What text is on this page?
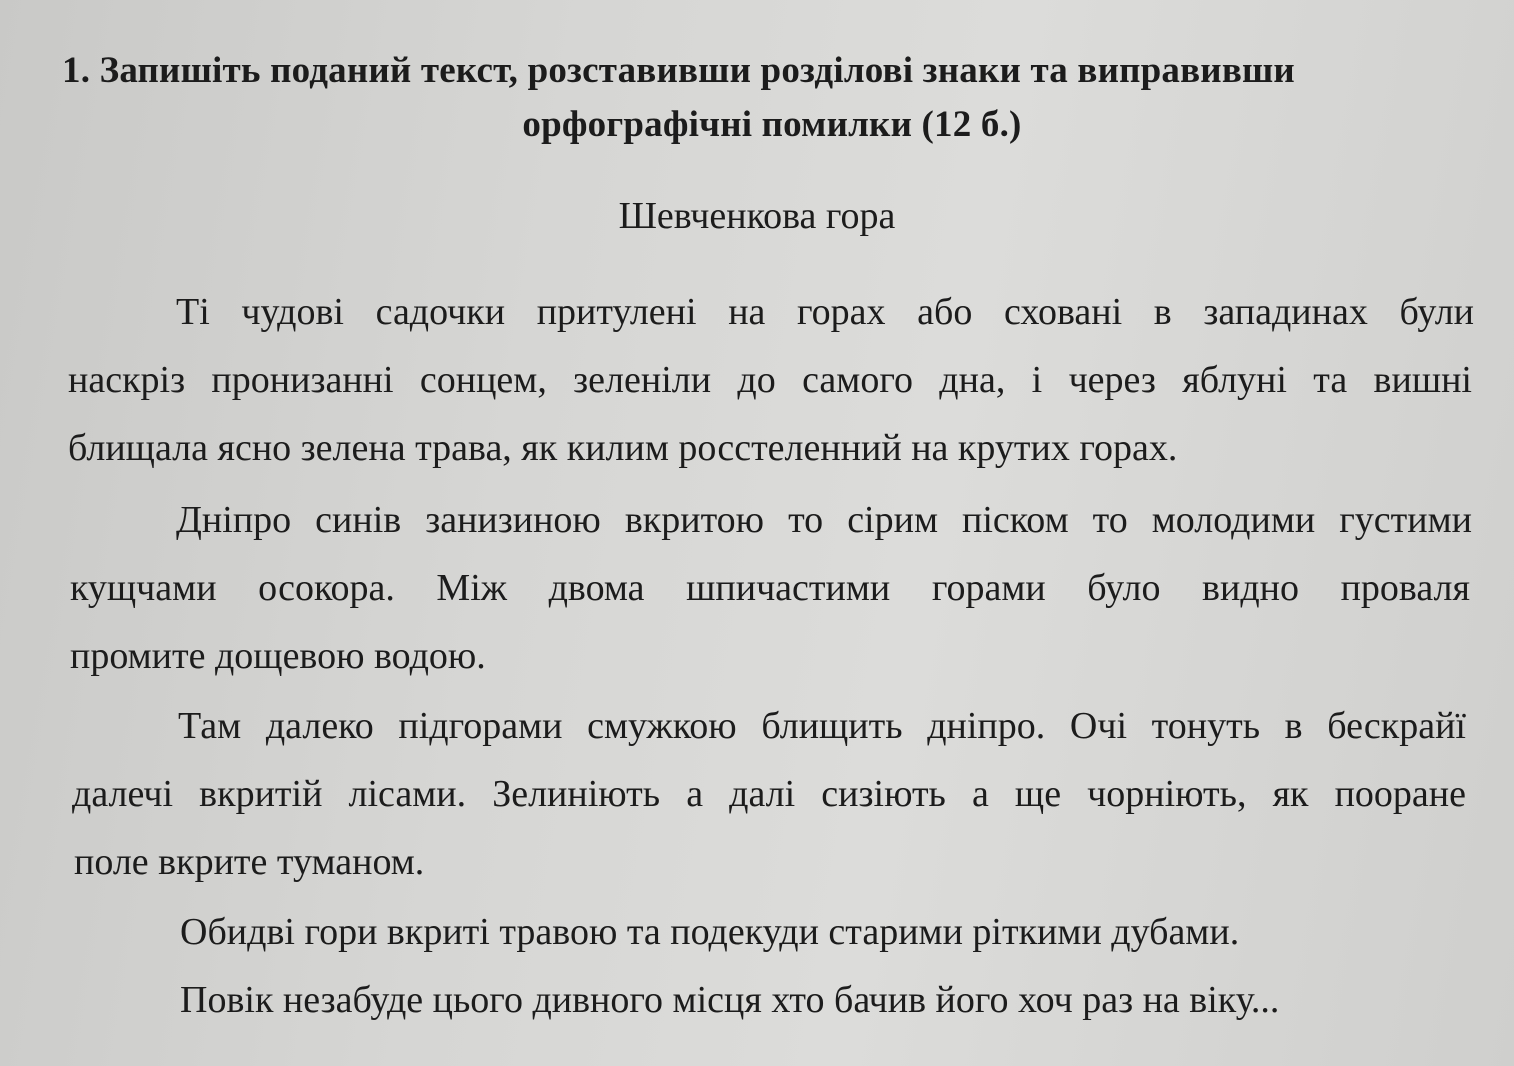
1. Запишіть поданий текст, розставивши розділові знаки та виправивши
орфографічні помилки (12 б.)
Шевченкова гора
Ті чудові садочки притулені на горах або сховані в западинах були
наскріз пронизанні сонцем, зеленіли до самого дна, і через яблуні та вишні
блищала ясно зелена трава, як килим росстеленний на крутих горах.
Дніпро синів занизиною вкритою то сірим піском то молодими густими
кущчами осокора. Між двома шпичастими горами було видно проваля
промите дощевою водою.
Там далеко підгорами смужкою блищить дніпро. Очі тонуть в бескрайї
далечі вкритій лісами. Зелиніють а далі сизіють а ще чорніють, як пооране
поле вкрите туманом.
Обидві гори вкриті травою та подекуди старими ріткими дубами.
Повік незабуде цього дивного місця хто бачив його хоч раз на віку...
